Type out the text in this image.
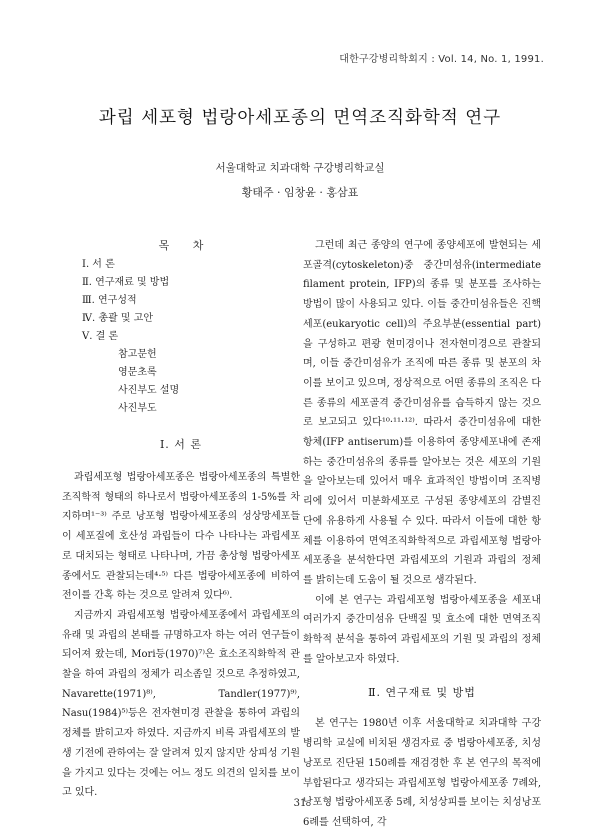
대한구강병리학회지 : Vol. 14, No. 1, 1991.
과립 세포형 법랑아세포종의 면역조직화학적 연구
서울대학교 치과대학 구강병리학교실
황태주 · 임창윤 · 홍삼표
목 차
Ⅰ. 서 론
Ⅱ. 연구재료 및 방법
Ⅲ. 연구성적
Ⅳ. 총괄 및 고안
Ⅴ. 결 론
참고문헌
영문초록
사진부도 설명
사진부도
Ⅰ. 서 론

과립세포형 법랑아세포종은 법랑아세포종의 특별한 조직학적 형태의 하나로서 법랑아세포종의 1-5%를 차지하며¹⁻³⁾ 주로 낭포형 법랑아세포종의 성상망세포들이 세포질에 호산성 과립들이 다수 나타나는 과립세포로 대치되는 형태로 나타나며, 가끔 총상형 법랑아세포종에서도 관찰되는데⁴·⁵⁾ 다른 법랑아세포종에 비하여 전이를 간혹 하는 것으로 알려져 있다⁶⁾.

지금까지 과립세포형 법랑아세포종에서 과립세포의 유래 및 과립의 본태를 규명하고자 하는 여러 연구들이 되어져 왔는데, Mori등(1970)⁷⁾은 효소조직화학적 관찰을 하여 과립의 정체가 리소좀일 것으로 추정하였고, Navarette(1971)⁸⁾, Tandler(1977)⁹⁾, Nasu(1984)⁵⁾등은 전자현미경 관찰을 통하여 과립의 정체를 밝히고자 하였다. 지금까지 비록 과립세포의 발생 기전에 관하여는 잘 알려져 있지 않지만 상피성 기원을 가지고 있다는 것에는 어느 정도 의견의 일치를 보이고 있다.

그런데 최근 종양의 연구에 종양세포에 발현되는 세포골격(cytoskeleton)중 중간미섬유(intermediate filament protein, IFP)의 종류 및 분포를 조사하는 방법이 많이 사용되고 있다. 이들 중간미섬유들은 진핵세포(eukaryotic cell)의 주요부분(essential part)을 구성하고 편광 현미경이나 전자현미경으로 관찰되며, 이들 중간미섬유가 조직에 따른 종류 및 분포의 차이를 보이고 있으며, 정상적으로 어떤 종류의 조직은 다른 종류의 세포골격 중간미섬유를 습득하지 않는 것으로 보고되고 있다¹⁰·¹¹·¹²⁾. 따라서 중간미섬유에 대한 항체(IFP antiserum)를 이용하여 종양세포내에 존재하는 중간미섬유의 종류를 알아보는 것은 세포의 기원을 알아보는데 있어서 매우 효과적인 방법이며 조직병리에 있어서 미분화세포로 구성된 종양세포의 감별진단에 유용하게 사용될 수 있다. 따라서 이들에 대한 항체를 이용하여 면역조직화학적으로 과립세포형 법랑아세포종을 분석한다면 과립세포의 기원과 과립의 정체를 밝히는데 도움이 될 것으로 생각된다.

이에 본 연구는 과립세포형 법랑아세포종을 세포내 여러가지 중간미섬유 단백질 및 효소에 대한 면역조직화학적 분석을 통하여 과립세포의 기원 및 과립의 정체를 알아보고자 하였다.

Ⅱ. 연구재료 및 방법

본 연구는 1980년 이후 서울대학교 치과대학 구강병리학 교실에 비치된 생검자료 중 법랑아세포종, 치성낭포로 진단된 150례를 재검경한 후 본 연구의 목적에 부합된다고 생각되는 과립세포형 법랑아세포종 7례와, 낭포형 법랑아세포종 5례, 치성상피를 보이는 치성낭포 6례를 선택하여, 각

31
